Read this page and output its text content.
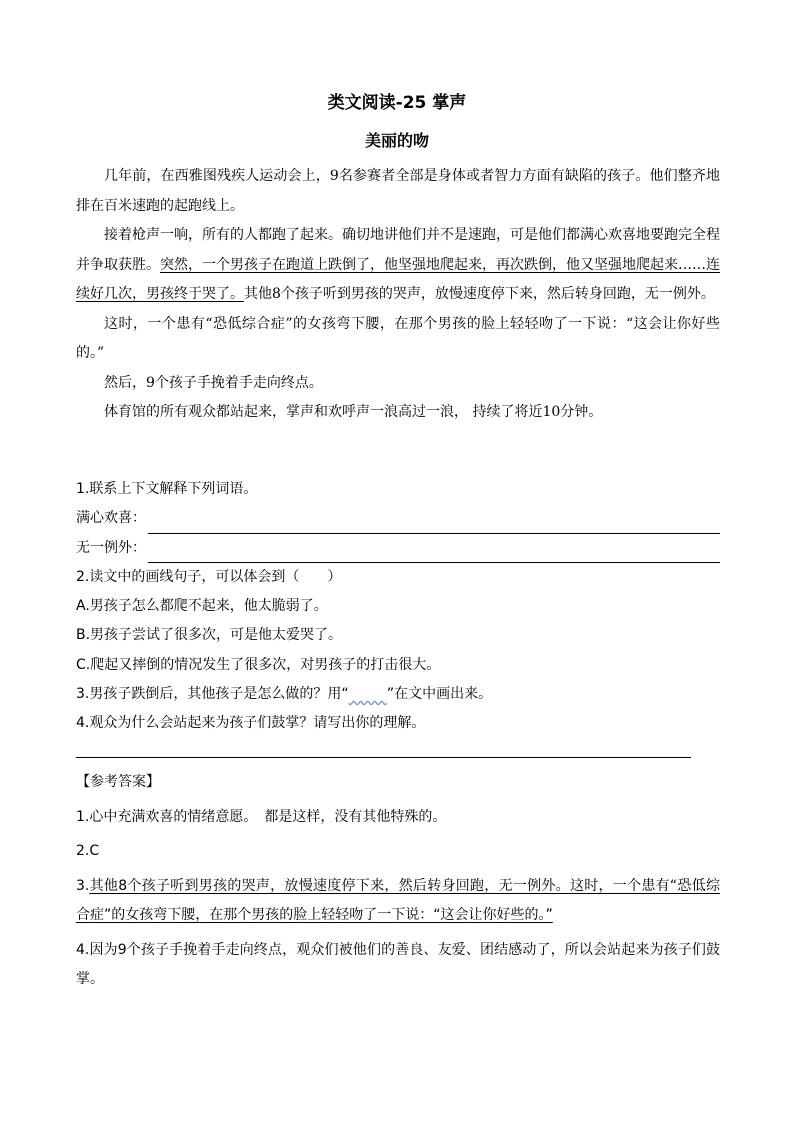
类文阅读-25 掌声
美丽的吻

几年前，在西雅图残疾人运动会上，9名参赛者全部是身体或者智力方面有缺陷的孩子。他们整齐地排在百米速跑的起跑线上。

接着枪声一响，所有的人都跑了起来。确切地讲他们并不是速跑，可是他们都满心欢喜地要跑完全程并争取获胜。突然，一个男孩子在跑道上跌倒了，他坚强地爬起来，再次跌倒，他又坚强地爬起来……连续好几次，男孩终于哭了。其他8个孩子听到男孩的哭声，放慢速度停下来，然后转身回跑，无一例外。

这时，一个患有“恐低综合症”的女孩弯下腰，在那个男孩的脸上轻轻吻了一下说：“这会让你好些的。”

然后，9个孩子手挽着手走向终点。

体育馆的所有观众都站起来，掌声和欢呼声一浪高过一浪， 持续了将近10分钟。

1.联系上下文解释下列词语。

满心欢喜：
无一例外：

2.读文中的画线句子，可以体会到（　　）

A.男孩子怎么都爬不起来，他太脆弱了。

B.男孩子尝试了很多次，可是他太爱哭了。

C.爬起又摔倒的情况发生了很多次，对男孩子的打击很大。

3.男孩子跌倒后，其他孩子是怎么做的？用“	”在文中画出来。

4.观众为什么会站起来为孩子们鼓掌？请写出你的理解。

【参考答案】

1.心中充满欢喜的情绪意愿。　都是这样，没有其他特殊的。

2.C

3.其他8个孩子听到男孩的哭声，放慢速度停下来，然后转身回跑，无一例外。这时，一个患有“恐低综合症”的女孩弯下腰，在那个男孩的脸上轻轻吻了一下说：“这会让你好些的。”

4.因为9个孩子手挽着手走向终点，观众们被他们的善良、友爱、团结感动了，所以会站起来为孩子们鼓掌。
